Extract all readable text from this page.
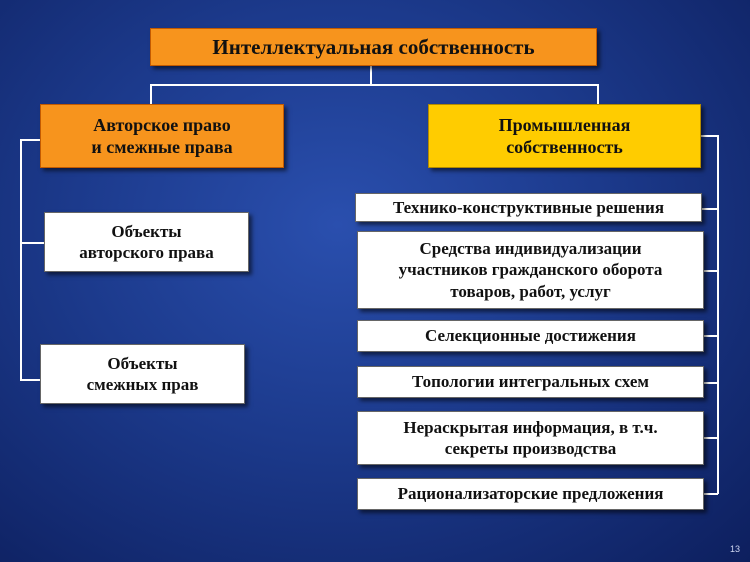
Интеллектуальная собственность
Авторское право
и смежные права
Промышленная
собственность
Объекты
авторского права
Объекты
смежных прав
Технико-конструктивные решения
Средства индивидуализации
участников гражданского оборота
товаров, работ, услуг
Селекционные достижения
Топологии интегральных схем
Нераскрытая информация, в т.ч.
секреты производства
Рационализаторские предложения
13
